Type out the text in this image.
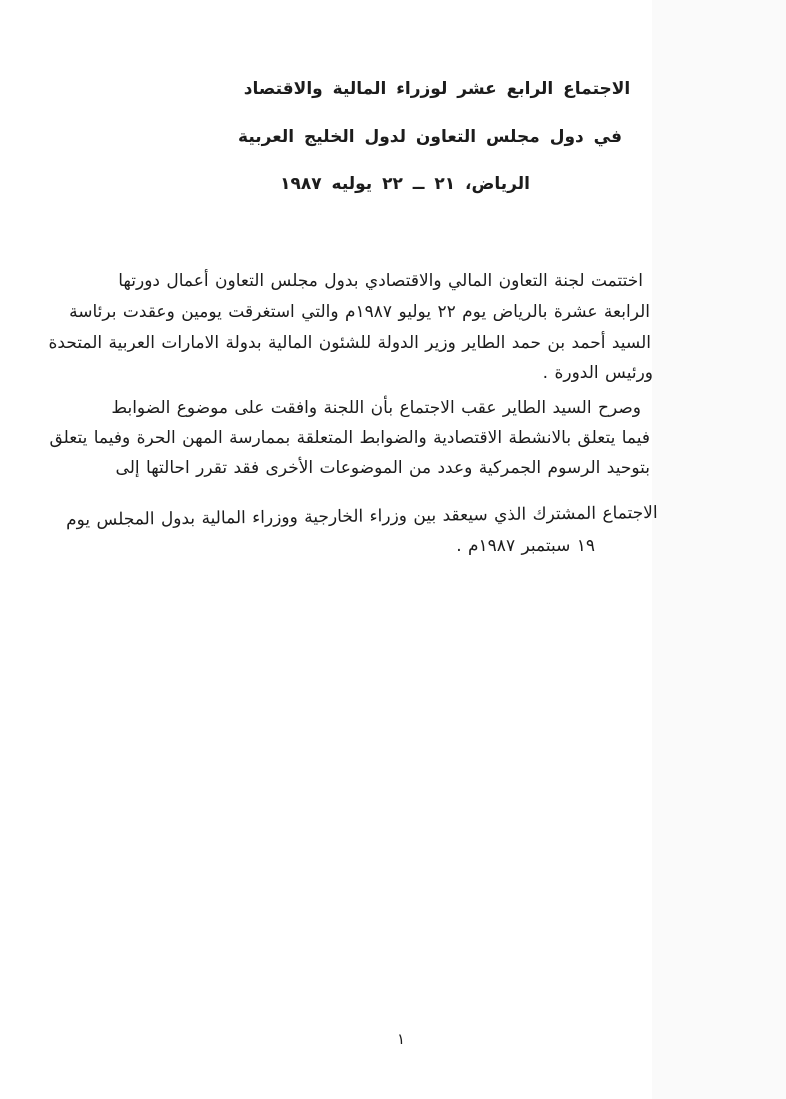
الاجتماع الرابع عشر لوزراء المالية والاقتصاد
في دول مجلس التعاون لدول الخليج العربية
الرياض، ٢١ ــ ٢٢ يوليه ١٩٨٧
اختتمت لجنة التعاون المالي والاقتصادي بدول مجلس التعاون أعمال دورتها
الرابعة عشرة بالرياض يوم ٢٢ يوليو ١٩٨٧م والتي استغرقت يومين وعقدت برئاسة
السيد أحمد بن حمد الطاير وزير الدولة للشئون المالية بدولة الامارات العربية المتحدة
ورئيس الدورة .
وصرح السيد الطاير عقب الاجتماع بأن اللجنة وافقت على موضوع الضوابط
فيما يتعلق بالانشطة الاقتصادية والضوابط المتعلقة بممارسة المهن الحرة وفيما يتعلق
بتوحيد الرسوم الجمركية وعدد من الموضوعات الأخرى فقد تقرر احالتها إلى
الاجتماع المشترك الذي سيعقد بين وزراء الخارجية ووزراء المالية بدول المجلس يوم
١٩ سبتمبر ١٩٨٧م .
١
